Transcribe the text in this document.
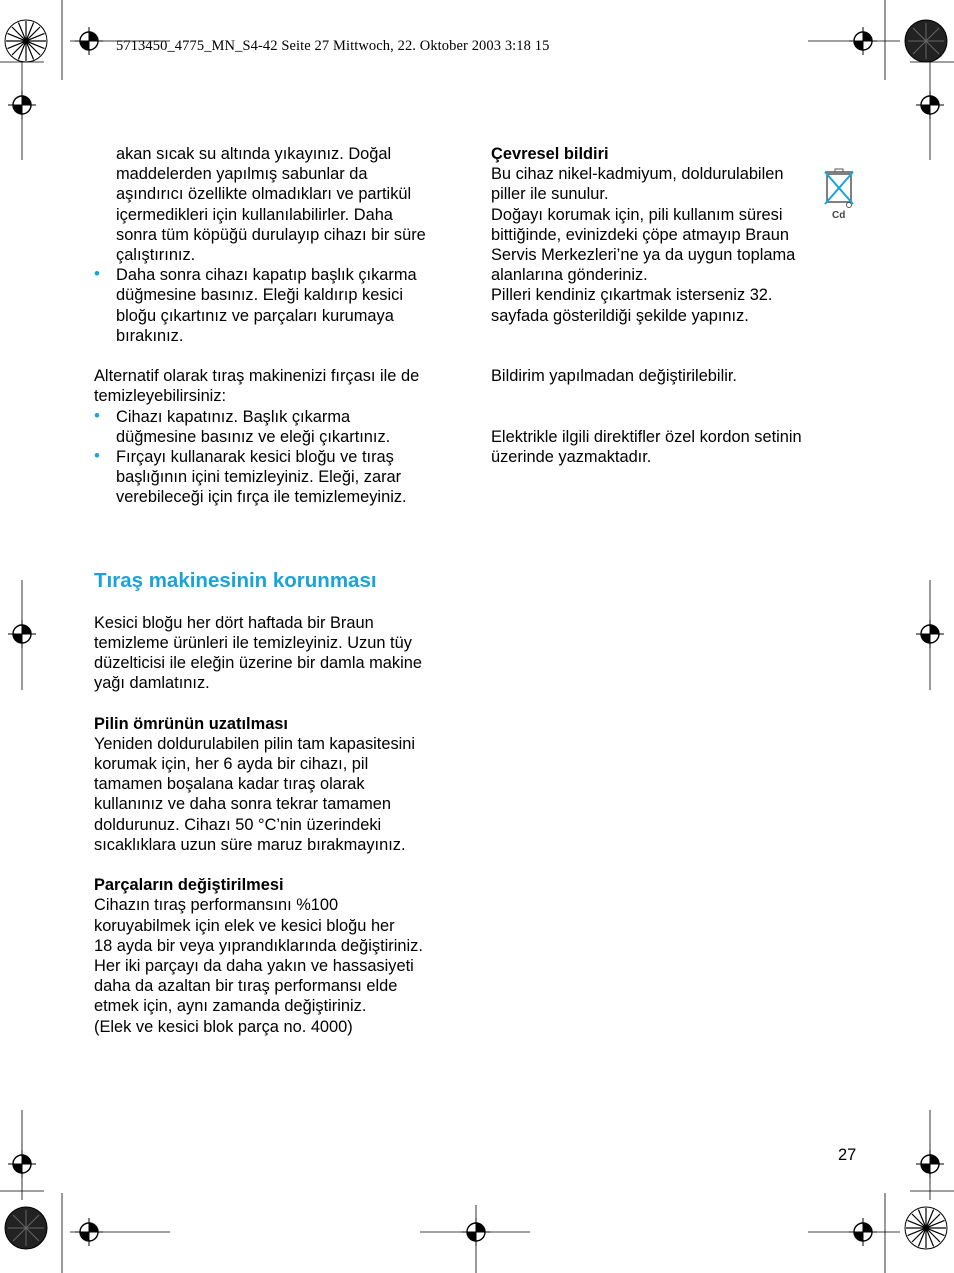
5713450_4775_MN_S4-42 Seite 27 Mittwoch, 22. Oktober 2003 3:18 15

akan sıcak su altında yıkayınız. Doğal

maddelerden yapılmış sabunlar da

aşındırıcı özellikte olmadıkları ve partikül

içermedikleri için kullanılabilirler. Daha

sonra tüm köpüğü durulayıp cihazı bir süre

çalıştırınız.

• Daha sonra cihazı kapatıp başlık çıkarma

düğmesine basınız. Eleği kaldırıp kesici

bloğu çıkartınız ve parçaları kurumaya

bırakınız.

Alternatif olarak tıraş makinenizi fırçası ile de

temizleyebilirsiniz:

• Cihazı kapatınız. Başlık çıkarma

düğmesine basınız ve eleği çıkartınız.

• Fırçayı kullanarak kesici bloğu ve tıraş

başlığının içini temizleyiniz. Eleği, zarar

verebileceği için fırça ile temizlemeyiniz.

Tıraş makinesinin korunması

Kesici bloğu her dört haftada bir Braun

temizleme ürünleri ile temizleyiniz. Uzun tüy

düzelticisi ile eleğin üzerine bir damla makine

yağı damlatınız.

Pilin ömrünün uzatılması

Yeniden doldurulabilen pilin tam kapasitesini

korumak için, her 6 ayda bir cihazı, pil

tamamen boşalana kadar tıraş olarak

kullanınız ve daha sonra tekrar tamamen

doldurunuz. Cihazı 50 °C’nin üzerindeki

sıcaklıklara uzun süre maruz bırakmayınız.

Parçaların değiştirilmesi

Cihazın tıraş performansını %100

koruyabilmek için elek ve kesici bloğu her

18 ayda bir veya yıprandıklarında değiştiriniz.

Her iki parçayı da daha yakın ve hassasiyeti

daha da azaltan bir tıraş performansı elde

etmek için, aynı zamanda değiştiriniz.

(Elek ve kesici blok parça no. 4000)

Çevresel bildiri

Bu cihaz nikel-kadmiyum, doldurulabilen

piller ile sunulur.

Doğayı korumak için, pili kullanım süresi

bittiğinde, evinizdeki çöpe atmayıp Braun

Servis Merkezleri’ne ya da uygun toplama

alanlarına gönderiniz.

Pilleri kendiniz çıkartmak isterseniz 32.

sayfada gösterildiği şekilde yapınız.

Bildirim yapılmadan değiştirilebilir.

Elektrikle ilgili direktifler özel kordon setinin

üzerinde yazmaktadır.

Cd
27
